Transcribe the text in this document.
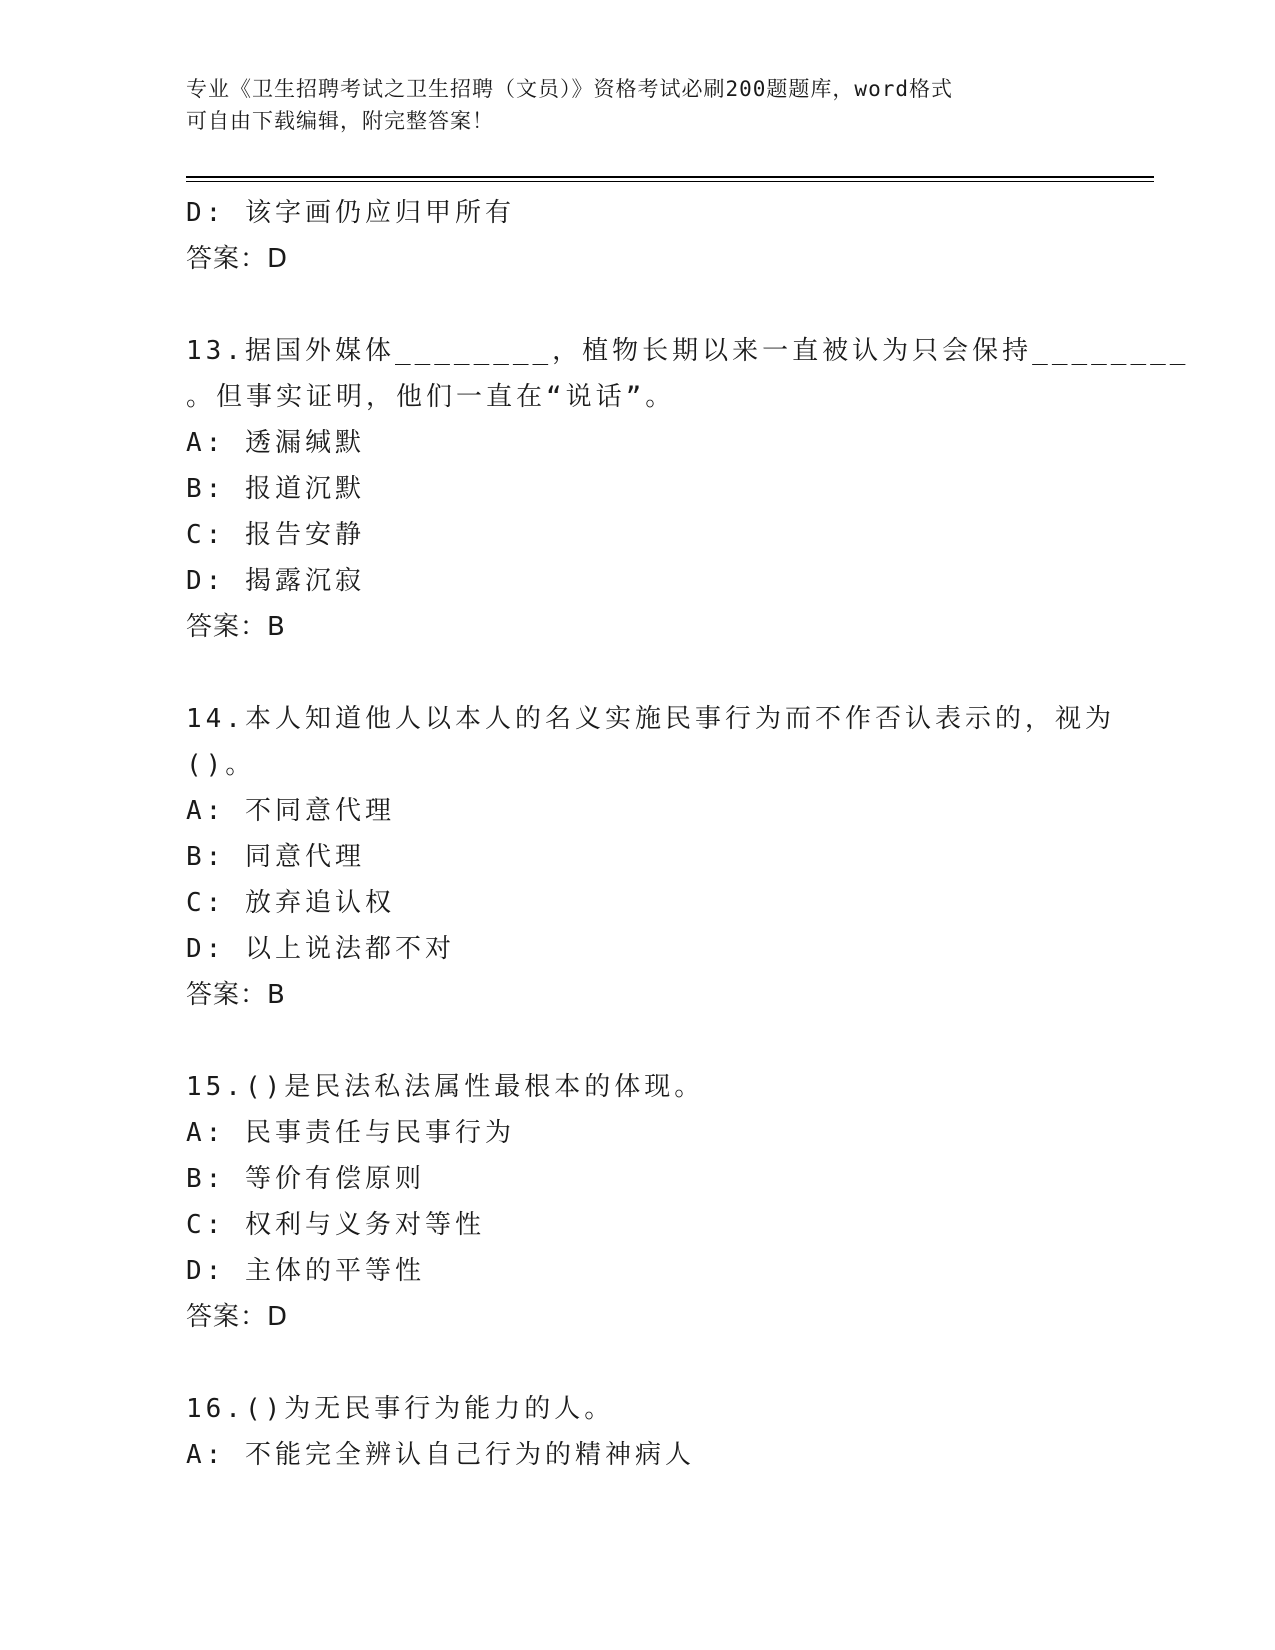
专业《卫生招聘考试之卫生招聘（文员）》资格考试必刷200题题库，word格式
可自由下载编辑，附完整答案！
D: 该字画仍应归甲所有
答案：D
13.据国外媒体________，植物长期以来一直被认为只会保持________
。但事实证明，他们一直在“说话”。
A: 透漏缄默
B: 报道沉默
C: 报告安静
D: 揭露沉寂
答案：B
14.本人知道他人以本人的名义实施民事行为而不作否认表示的，视为
()。
A: 不同意代理
B: 同意代理
C: 放弃追认权
D: 以上说法都不对
答案：B
15.()是民法私法属性最根本的体现。
A: 民事责任与民事行为
B: 等价有偿原则
C: 权利与义务对等性
D: 主体的平等性
答案：D
16.()为无民事行为能力的人。
A: 不能完全辨认自己行为的精神病人
